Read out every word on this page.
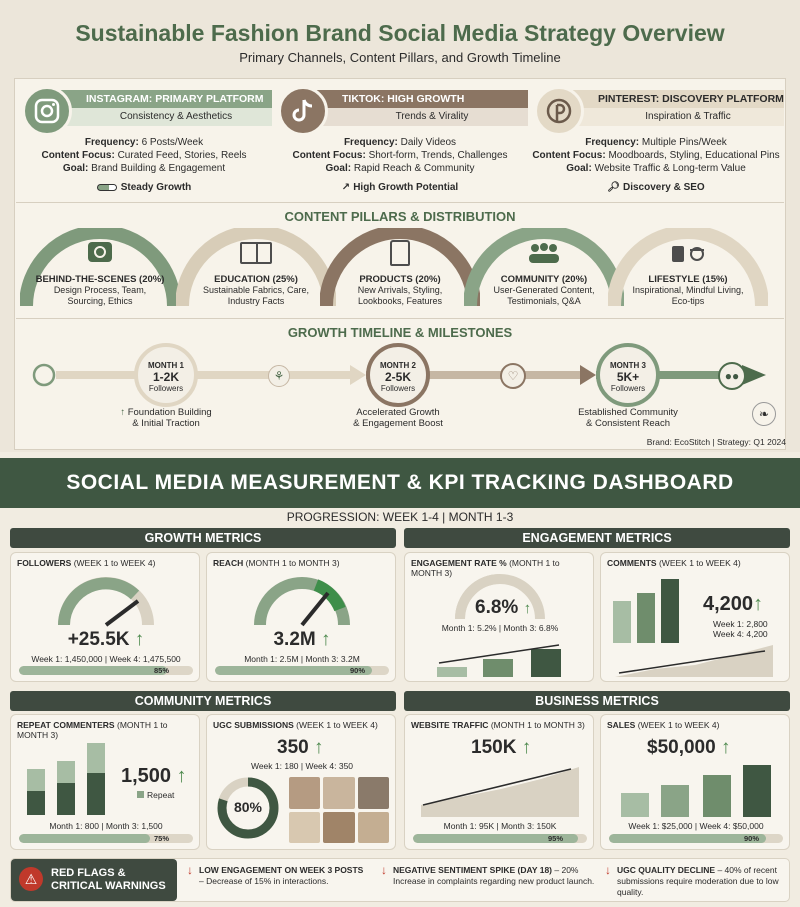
Sustainable Fashion Brand Social Media Strategy Overview
Primary Channels, Content Pillars, and Growth Timeline
INSTAGRAM: PRIMARY PLATFORM
Consistency & Aesthetics
Frequency: 6 Posts/Week
Content Focus: Curated Feed, Stories, Reels
Goal: Brand Building & Engagement
Steady Growth
TIKTOK: HIGH GROWTH
Trends & Virality
Frequency: Daily Videos
Content Focus: Short-form, Trends, Challenges
Goal: Rapid Reach & Community
↗ High Growth Potential
PINTEREST: DISCOVERY PLATFORM
Inspiration & Traffic
Frequency: Multiple Pins/Week
Content Focus: Moodboards, Styling, Educational Pins
Goal: Website Traffic & Long-term Value
🔎︎ Discovery & SEO
CONTENT PILLARS & DISTRIBUTION
BEHIND-THE-SCENES (20%)
Design Process, Team, Sourcing, Ethics
EDUCATION (25%)
Sustainable Fabrics, Care, Industry Facts
PRODUCTS (20%)
New Arrivals, Styling, Lookbooks, Features
COMMUNITY (20%)
User-Generated Content, Testimonials, Q&A
LIFESTYLE (15%)
Inspirational, Mindful Living, Eco-tips
GROWTH TIMELINE & MILESTONES
⚘	♡	●●
MONTH 1
1-2K
Followers
MONTH 2
2-5K
Followers
MONTH 3
5K+
Followers
↑ Foundation Building
& Initial Traction
Accelerated Growth
& Engagement Boost
Established Community
& Consistent Reach
❧
Brand: EcoStitch | Strategy: Q1 2024
SOCIAL MEDIA MEASUREMENT & KPI TRACKING DASHBOARD
PROGRESSION: WEEK 1-4 | MONTH 1-3
GROWTH METRICS	ENGAGEMENT METRICS
FOLLOWERS (WEEK 1 to WEEK 4)
+25.5K ↑
Week 1: 1,450,000 | Week 4: 1,475,500
85%
REACH (MONTH 1 to MONTH 3)
3.2M ↑
Month 1: 2.5M | Month 3: 3.2M
90%
ENGAGEMENT RATE % (MONTH 1 to MONTH 3)
6.8% ↑
Month 1: 5.2% | Month 3: 6.8%
COMMENTS (WEEK 1 to WEEK 4)
4,200↑
Week 1: 2,800
Week 4: 4,200
COMMUNITY METRICS	BUSINESS METRICS
REPEAT COMMENTERS (MONTH 1 to MONTH 3)
1,500 ↑
Repeat
Month 1: 800 | Month 3: 1,500
75%
UGC SUBMISSIONS (WEEK 1 to WEEK 4)
350 ↑
Week 1: 180 | Week 4: 350
80%
WEBSITE TRAFFIC (MONTH 1 to MONTH 3)
150K ↑
Month 1: 95K | Month 3: 150K
95%
SALES (WEEK 1 to WEEK 4)
$50,000 ↑
Week 1: $25,000 | Week 4: $50,000
90%
⚠︎	RED FLAGS &
CRITICAL WARNINGS
↓ LOW ENGAGEMENT ON WEEK 3 POSTS – Decrease of 15% in interactions.
↓ NEGATIVE SENTIMENT SPIKE (DAY 18) – 20% Increase in complaints regarding new product launch.
↓ UGC QUALITY DECLINE – 40% of recent submissions require moderation due to low quality.
